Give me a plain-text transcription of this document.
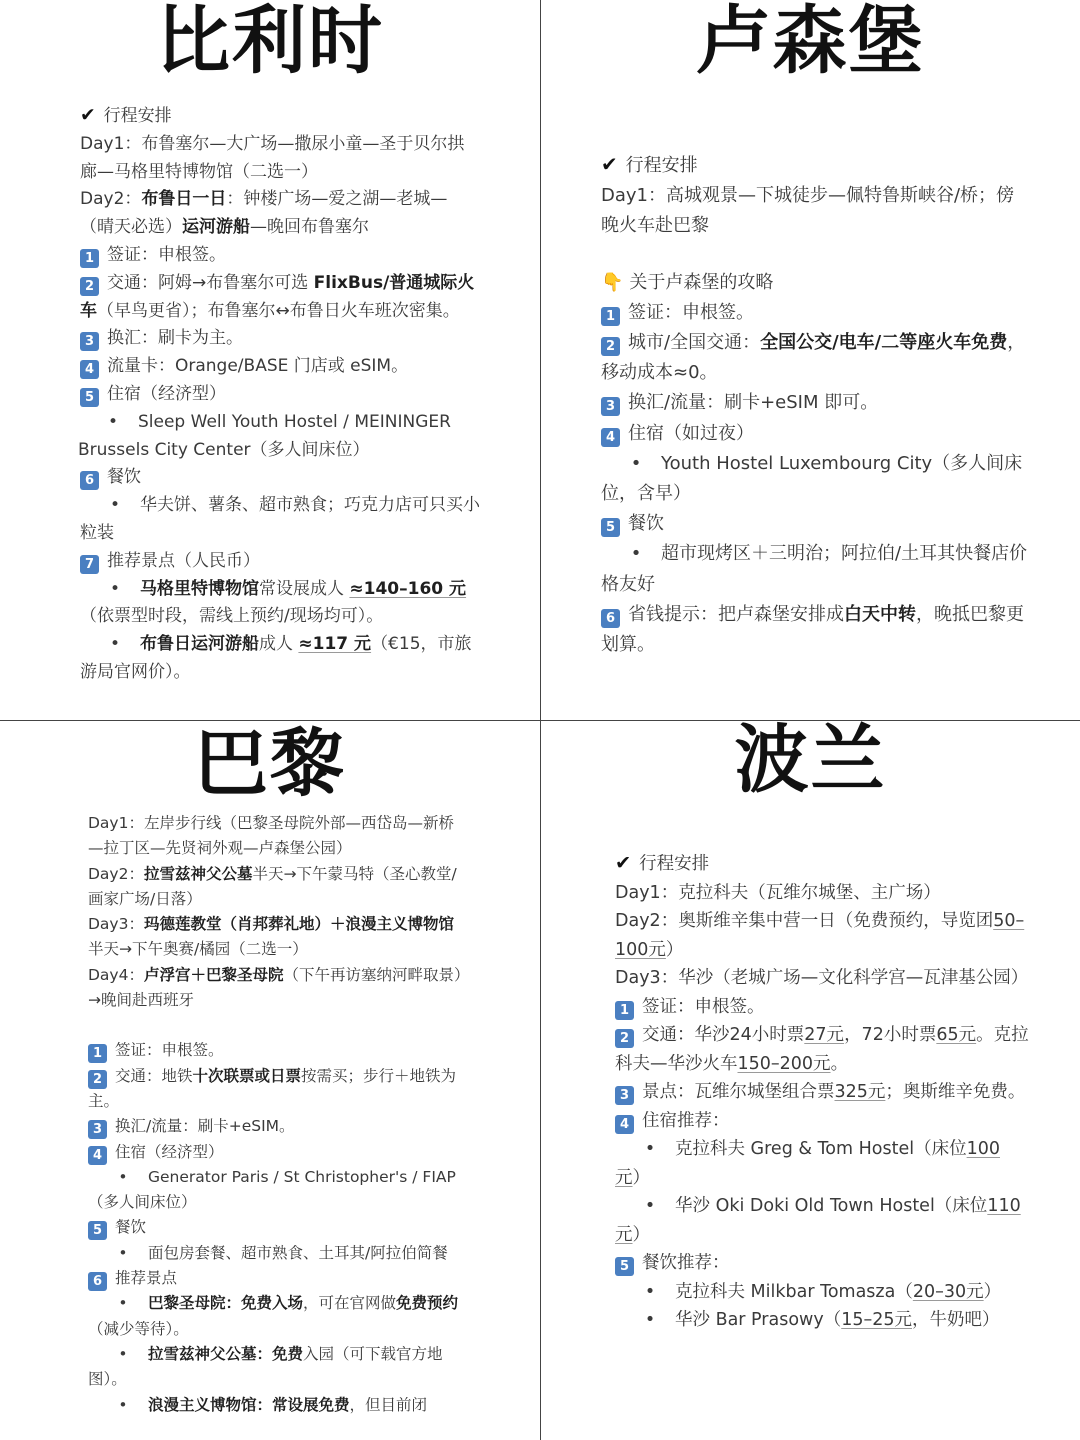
比利时
✔ 行程安排
Day1：布鲁塞尔—大广场—撒尿小童—圣于贝尔拱廊—马格里特博物馆（二选一）
Day2：布鲁日一日：钟楼广场—爱之湖—老城—（晴天必选）运河游船—晚回布鲁塞尔
1 签证：申根签。
2 交通：阿姆→布鲁塞尔可选 FlixBus/普通城际火车（早鸟更省）；布鲁塞尔↔布鲁日火车班次密集。
3 换汇：刷卡为主。
4 流量卡：Orange/BASE 门店或 eSIM。
5 住宿（经济型）
• Sleep Well Youth Hostel / MEININGER Brussels City Center（多人间床位）
6 餐饮
• 华夫饼、薯条、超市熟食；巧克力店可只买小粒装
7 推荐景点（人民币）
• 马格里特博物馆常设展成人 ≈140–160 元（依票型时段，需线上预约/现场均可）。
• 布鲁日运河游船成人 ≈117 元（€15，市旅游局官网价）。
卢森堡
✔ 行程安排
Day1：高城观景—下城徒步—佩特鲁斯峡谷/桥；傍晚火车赴巴黎
👇 关于卢森堡的攻略
1 签证：申根签。
2 城市/全国交通：全国公交/电车/二等座火车免费，移动成本≈0。
3 换汇/流量：刷卡+eSIM 即可。
4 住宿（如过夜）
• Youth Hostel Luxembourg City（多人间床位，含早）
5 餐饮
• 超市现烤区＋三明治；阿拉伯/土耳其快餐店价格友好
6 省钱提示：把卢森堡安排成白天中转，晚抵巴黎更划算。
巴黎
Day1：左岸步行线（巴黎圣母院外部—西岱岛—新桥—拉丁区—先贤祠外观—卢森堡公园）
Day2：拉雪兹神父公墓半天→下午蒙马特（圣心教堂/画家广场/日落）
Day3：玛德莲教堂（肖邦葬礼地）＋浪漫主义博物馆半天→下午奥赛/橘园（二选一）
Day4：卢浮宫＋巴黎圣母院（下午再访塞纳河畔取景）→晚间赴西班牙
1 签证：申根签。
2 交通：地铁十次联票或日票按需买；步行＋地铁为主。
3 换汇/流量：刷卡+eSIM。
4 住宿（经济型）
• Generator Paris / St Christopher's / FIAP（多人间床位）
5 餐饮
• 面包房套餐、超市熟食、土耳其/阿拉伯简餐
6 推荐景点
• 巴黎圣母院：免费入场，可在官网做免费预约（减少等待）。
• 拉雪兹神父公墓：免费入园（可下载官方地图）。
• 浪漫主义博物馆：常设展免费，但目前闭
波兰
✔ 行程安排
Day1：克拉科夫（瓦维尔城堡、主广场）
Day2：奥斯维辛集中营一日（免费预约，导览团50–100元）
Day3：华沙（老城广场—文化科学宫—瓦津基公园）
1 签证：申根签。
2 交通：华沙24小时票27元，72小时票65元。克拉科夫—华沙火车150–200元。
3 景点：瓦维尔城堡组合票325元；奥斯维辛免费。
4 住宿推荐：
• 克拉科夫 Greg & Tom Hostel（床位100元）
• 华沙 Oki Doki Old Town Hostel（床位110元）
5 餐饮推荐：
• 克拉科夫 Milkbar Tomasza（20–30元）
• 华沙 Bar Prasowy（15–25元，牛奶吧）
